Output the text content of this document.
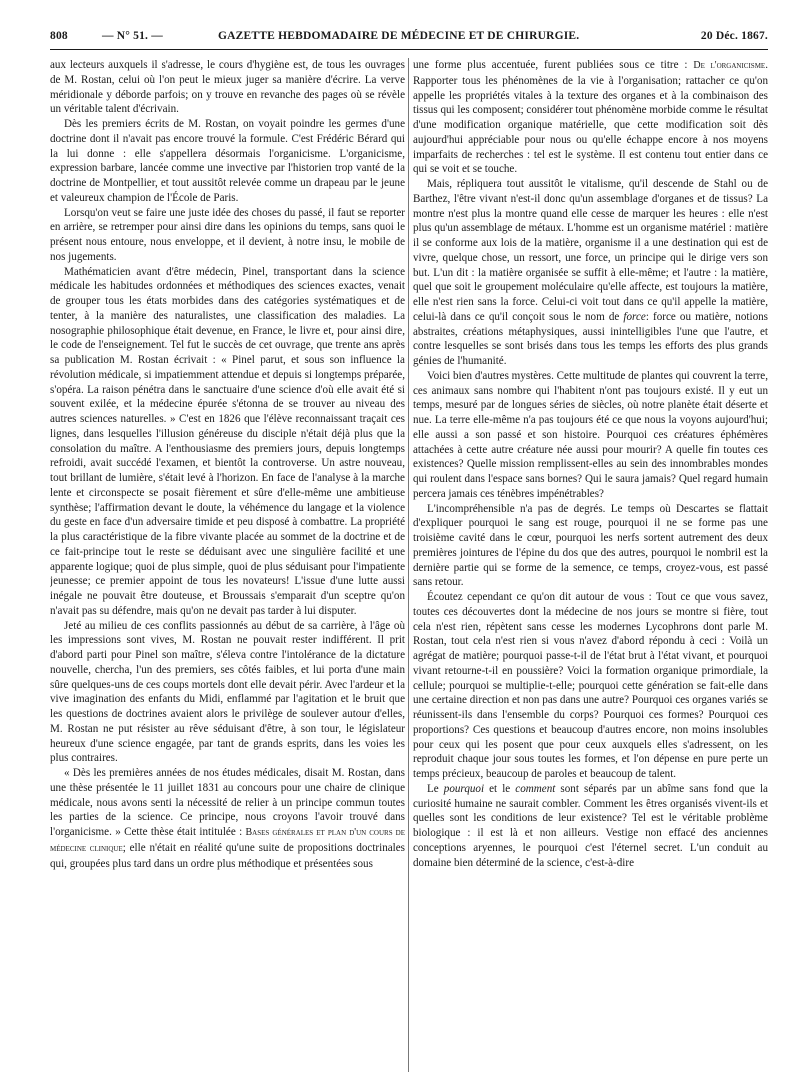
808	— N° 51. —	GAZETTE HEBDOMADAIRE DE MÉDECINE ET DE CHIRURGIE.	20 Déc. 1867.

aux lecteurs auxquels il s'adresse, le cours d'hygiène est, de tous les ouvrages de M. Rostan, celui où l'on peut le mieux juger sa manière d'écrire. La verve méridionale y déborde parfois; on y trouve en revanche des pages où se révèle un véritable talent d'écrivain.

Dès les premiers écrits de M. Rostan, on voyait poindre les germes d'une doctrine dont il n'avait pas encore trouvé la formule. C'est Frédéric Bérard qui la lui donne : elle s'appellera désormais l'organicisme. L'organicisme, expression barbare, lancée comme une invective par l'historien trop vanté de la doctrine de Montpellier, et tout aussitôt relevée comme un drapeau par le jeune et valeureux champion de l'École de Paris.

Lorsqu'on veut se faire une juste idée des choses du passé, il faut se reporter en arrière, se retremper pour ainsi dire dans les opinions du temps, sans quoi le présent nous entoure, nous enveloppe, et il devient, à notre insu, le mobile de nos jugements.

Mathématicien avant d'être médecin, Pinel, transportant dans la science médicale les habitudes ordonnées et méthodiques des sciences exactes, venait de grouper tous les états morbides dans des catégories systématiques et de tenter, à la manière des naturalistes, une classification des maladies. La nosographie philosophique était devenue, en France, le livre et, pour ainsi dire, le code de l'enseignement. Tel fut le succès de cet ouvrage, que trente ans après sa publication M. Rostan écrivait : « Pinel parut, et sous son influence la révolution médicale, si impatiemment attendue et depuis si longtemps préparée, s'opéra. La raison pénétra dans le sanctuaire d'une science d'où elle avait été si souvent exilée, et la médecine épurée s'étonna de se trouver au niveau des autres sciences naturelles. » C'est en 1826 que l'élève reconnaissant traçait ces lignes, dans lesquelles l'illusion généreuse du disciple n'était déjà plus que la consolation du maître. A l'enthousiasme des premiers jours, depuis longtemps refroidi, avait succédé l'examen, et bientôt la controverse. Un astre nouveau, tout brillant de lumière, s'était levé à l'horizon. En face de l'analyse à la marche lente et circonspecte se posait fièrement et sûre d'elle-même une ambitieuse synthèse; l'affirmation devant le doute, la véhémence du langage et la violence du geste en face d'un adversaire timide et peu disposé à combattre. La propriété la plus caractéristique de la fibre vivante placée au sommet de la doctrine et de ce fait-principe tout le reste se déduisant avec une singulière facilité et une apparente logique; quoi de plus simple, quoi de plus séduisant pour l'impatiente jeunesse; ce premier appoint de tous les novateurs! L'issue d'une lutte aussi inégale ne pouvait être douteuse, et Broussais s'emparait d'un sceptre qu'on n'avait pas su défendre, mais qu'on ne devait pas tarder à lui disputer.

Jeté au milieu de ces conflits passionnés au début de sa carrière, à l'âge où les impressions sont vives, M. Rostan ne pouvait rester indifférent. Il prit d'abord parti pour Pinel son maître, s'éleva contre l'intolérance de la dictature nouvelle, chercha, l'un des premiers, ses côtés faibles, et lui porta d'une main sûre quelques-uns de ces coups mortels dont elle devait périr. Avec l'ardeur et la vive imagination des enfants du Midi, enflammé par l'agitation et le bruit que les questions de doctrines avaient alors le privilège de soulever autour d'elles, M. Rostan ne put résister au rêve séduisant d'être, à son tour, le législateur heureux d'une science engagée, par tant de grands esprits, dans les voies les plus contraires.

« Dès les premières années de nos études médicales, disait M. Rostan, dans une thèse présentée le 11 juillet 1831 au concours pour une chaire de clinique médicale, nous avons senti la nécessité de relier à un principe commun toutes les parties de la science. Ce principe, nous croyons l'avoir trouvé dans l'organicisme. » Cette thèse était intitulée : Bases générales et plan d'un cours de médecine clinique; elle n'était en réalité qu'une suite de propositions doctrinales qui, groupées plus tard dans un ordre plus méthodique et présentées sous

une forme plus accentuée, furent publiées sous ce titre : De l'organicisme. Rapporter tous les phénomènes de la vie à l'organisation; rattacher ce qu'on appelle les propriétés vitales à la texture des organes et à la combinaison des tissus qui les composent; considérer tout phénomène morbide comme le résultat d'une modification organique matérielle, que cette modification soit dès aujourd'hui appréciable pour nous ou qu'elle échappe encore à nos moyens imparfaits de recherches : tel est le système. Il est contenu tout entier dans ce qui se voit et se touche.

Mais, répliquera tout aussitôt le vitalisme, qu'il descende de Stahl ou de Barthez, l'être vivant n'est-il donc qu'un assemblage d'organes et de tissus? La montre n'est plus la montre quand elle cesse de marquer les heures : elle n'est plus qu'un assemblage de métaux. L'homme est un organisme matériel : matière il se conforme aux lois de la matière, organisme il a une destination qui est de vivre, quelque chose, un ressort, une force, un principe qui le dirige vers son but. L'un dit : la matière organisée se suffit à elle-même; et l'autre : la matière, quel que soit le groupement moléculaire qu'elle affecte, est toujours la matière, elle n'est rien sans la force. Celui-ci voit tout dans ce qu'il appelle la matière, celui-là dans ce qu'il conçoit sous le nom de force: force ou matière, notions abstraites, créations métaphysiques, aussi inintelligibles l'une que l'autre, et contre lesquelles se sont brisés dans tous les temps les efforts des plus grands génies de l'humanité.

Voici bien d'autres mystères. Cette multitude de plantes qui couvrent la terre, ces animaux sans nombre qui l'habitent n'ont pas toujours existé. Il y eut un temps, mesuré par de longues séries de siècles, où notre planète était déserte et nue. La terre elle-même n'a pas toujours été ce que nous la voyons aujourd'hui; elle aussi a son passé et son histoire. Pourquoi ces créatures éphémères attachées à cette autre créature née aussi pour mourir? A quelle fin toutes ces existences? Quelle mission remplissent-elles au sein des innombrables mondes qui roulent dans l'espace sans bornes? Qui le saura jamais? Quel regard humain percera jamais ces ténèbres impénétrables?

L'incompréhensible n'a pas de degrés. Le temps où Descartes se flattait d'expliquer pourquoi le sang est rouge, pourquoi il ne se forme pas une troisième cavité dans le cœur, pourquoi les nerfs sortent autrement des deux premières jointures de l'épine du dos que des autres, pourquoi le nombril est la dernière partie qui se forme de la semence, ce temps, croyez-vous, est passé sans retour.

Écoutez cependant ce qu'on dit autour de vous : Tout ce que vous savez, toutes ces découvertes dont la médecine de nos jours se montre si fière, tout cela n'est rien, répètent sans cesse les modernes Lycophrons dont parle M. Rostan, tout cela n'est rien si vous n'avez d'abord répondu à ceci : Voilà un agrégat de matière; pourquoi passe-t-il de l'état brut à l'état vivant, et pourquoi vivant retourne-t-il en poussière? Voici la formation organique primordiale, la cellule; pourquoi se multiplie-t-elle; pourquoi cette génération se fait-elle dans une certaine direction et non pas dans une autre? Pourquoi ces organes variés se réunissent-ils dans l'ensemble du corps? Pourquoi ces formes? Pourquoi ces proportions? Ces questions et beaucoup d'autres encore, non moins insolubles pour ceux qui les posent que pour ceux auxquels elles s'adressent, on les reproduit chaque jour sous toutes les formes, et l'on dépense en pure perte un temps précieux, beaucoup de paroles et beaucoup de talent.

Le pourquoi et le comment sont séparés par un abîme sans fond que la curiosité humaine ne saurait combler. Comment les êtres organisés vivent-ils et quelles sont les conditions de leur existence? Tel est le véritable problème biologique : il est là et non ailleurs. Vestige non effacé des anciennes conceptions aryennes, le pourquoi c'est l'éternel secret. L'un conduit au domaine bien déterminé de la science, c'est-à-dire
